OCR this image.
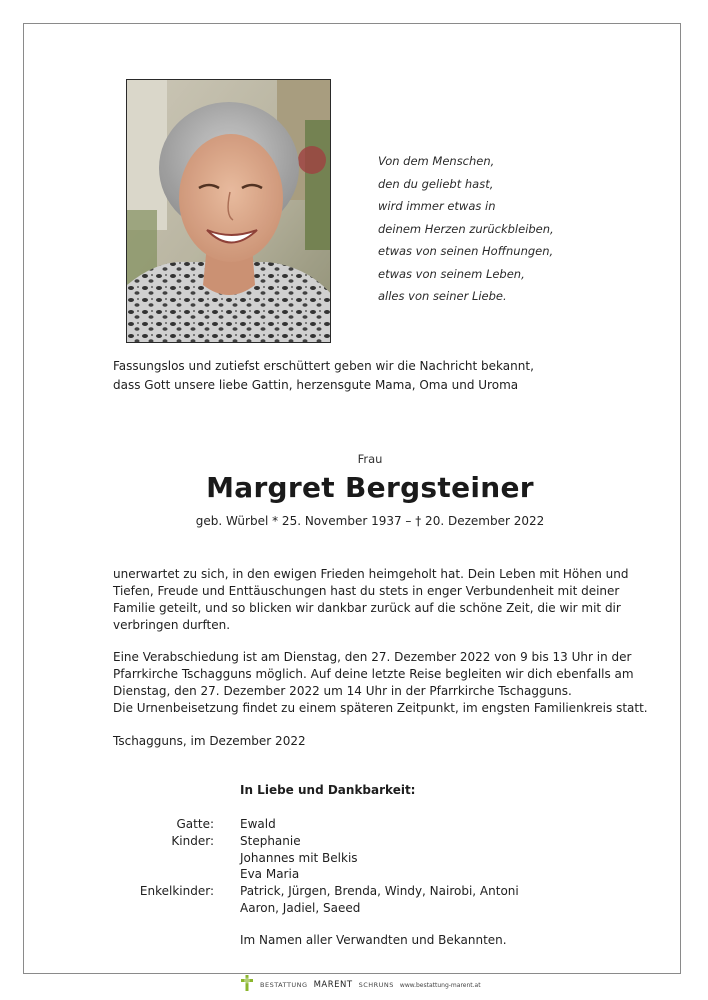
Von dem Menschen,
den du geliebt hast,
wird immer etwas in
deinem Herzen zurückbleiben,
etwas von seinen Hoffnungen,
etwas von seinem Leben,
alles von seiner Liebe.
Fassungslos und zutiefst erschüttert geben wir die Nachricht bekannt,
dass Gott unsere liebe Gattin, herzensgute Mama, Oma und Uroma
Frau
Margret Bergsteiner
geb. Würbel * 25. November 1937 – † 20. Dezember 2022
unerwartet zu sich, in den ewigen Frieden heimgeholt hat. Dein Leben mit Höhen und
Tiefen, Freude und Enttäuschungen hast du stets in enger Verbundenheit mit deiner
Familie geteilt, und so blicken wir dankbar zurück auf die schöne Zeit, die wir mit dir
verbringen durften.
Eine Verabschiedung ist am Dienstag, den 27. Dezember 2022 von 9 bis 13 Uhr in der
Pfarrkirche Tschagguns möglich. Auf deine letzte Reise begleiten wir dich ebenfalls am
Dienstag, den 27. Dezember 2022 um 14 Uhr in der Pfarrkirche Tschagguns.
Die Urnenbeisetzung findet zu einem späteren Zeitpunkt, im engsten Familienkreis statt.
Tschagguns, im Dezember 2022
In Liebe und Dankbarkeit:
Gatte:
Kinder:
Enkelkinder:
Ewald
Stephanie
Johannes mit Belkis
Eva Maria
Patrick, Jürgen, Brenda, Windy, Nairobi, Antoni
Aaron, Jadiel, Saeed
Im Namen aller Verwandten und Bekannten.
BESTATTUNG MARENT SCHRUNS www.bestattung-marent.at
